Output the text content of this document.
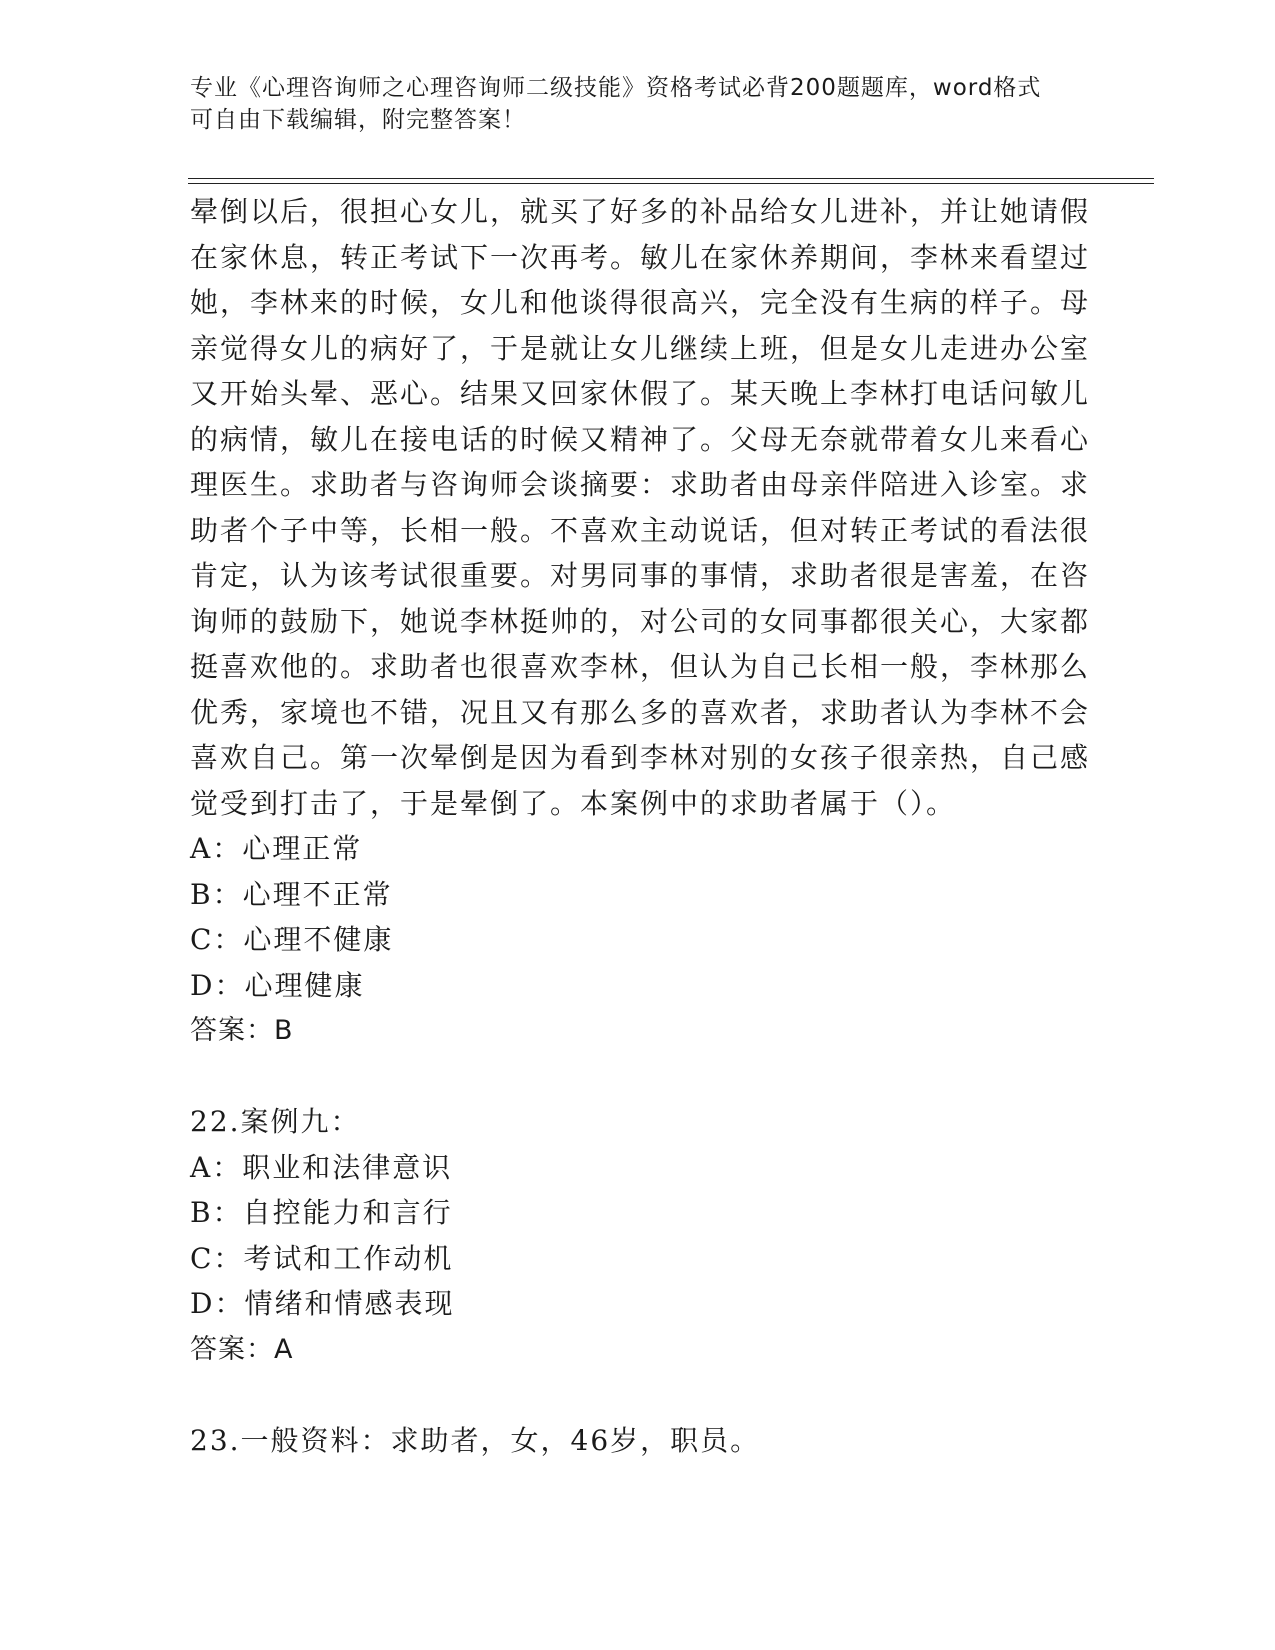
专业《心理咨询师之心理咨询师二级技能》资格考试必背200题题库，word格式
可自由下载编辑，附完整答案！
晕倒以后，很担心女儿，就买了好多的补品给女儿进补，并让她请假
在家休息，转正考试下一次再考。敏儿在家休养期间，李林来看望过
她，李林来的时候，女儿和他谈得很高兴，完全没有生病的样子。母
亲觉得女儿的病好了，于是就让女儿继续上班，但是女儿走进办公室
又开始头晕、恶心。结果又回家休假了。某天晚上李林打电话问敏儿
的病情，敏儿在接电话的时候又精神了。父母无奈就带着女儿来看心
理医生。求助者与咨询师会谈摘要：求助者由母亲伴陪进入诊室。求
助者个子中等，长相一般。不喜欢主动说话，但对转正考试的看法很
肯定，认为该考试很重要。对男同事的事情，求助者很是害羞，在咨
询师的鼓励下，她说李林挺帅的，对公司的女同事都很关心，大家都
挺喜欢他的。求助者也很喜欢李林，但认为自己长相一般，李林那么
优秀，家境也不错，况且又有那么多的喜欢者，求助者认为李林不会
喜欢自己。第一次晕倒是因为看到李林对别的女孩子很亲热，自己感
觉受到打击了，于是晕倒了。本案例中的求助者属于（）。
A：心理正常
B：心理不正常
C：心理不健康
D：心理健康
答案：B
22.案例九：
A：职业和法律意识
B：自控能力和言行
C：考试和工作动机
D：情绪和情感表现
答案：A
23.一般资料：求助者，女，46岁，职员。
